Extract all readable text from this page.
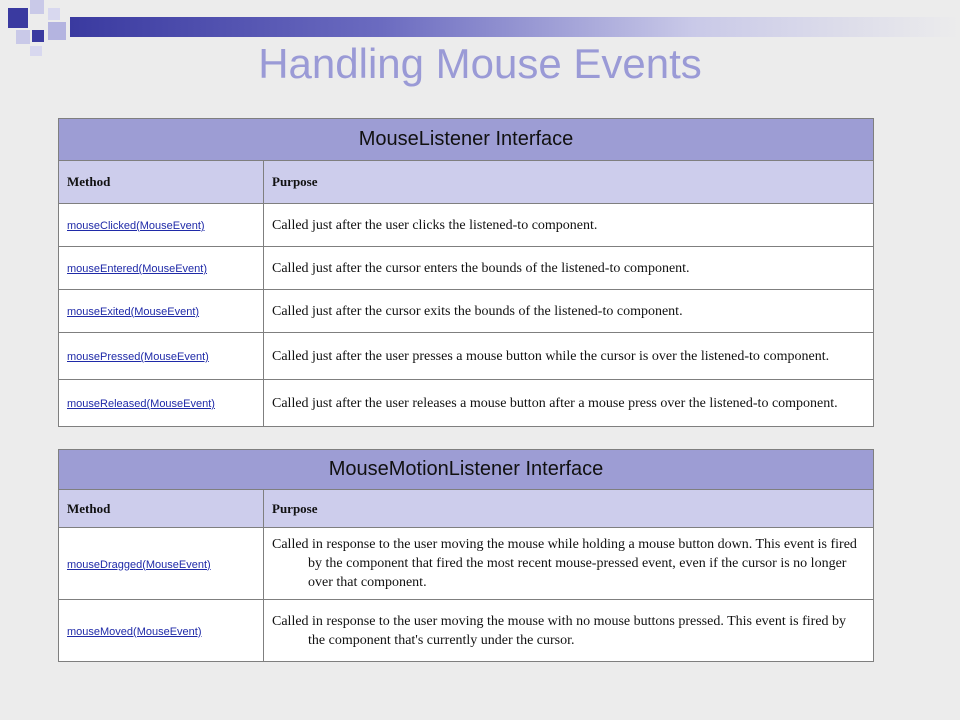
Handling Mouse Events
MouseListener Interface	
Method	Purpose
mouseClicked(MouseEvent)	Called just after the user clicks the listened-to component.

mouseEntered(MouseEvent)	Called just after the cursor enters the bounds of the listened-to component.

mouseExited(MouseEvent)	Called just after the cursor exits the bounds of the listened-to component.

mousePressed(MouseEvent)	Called just after the user presses a mouse button while the cursor is over the listened-to component.

mouseReleased(MouseEvent)	Called just after the user releases a mouse button after a mouse press over the listened-to component.
MouseMotionListener Interface	
Method	Purpose
mouseDragged(MouseEvent)	Called in response to the user moving the mouse while holding a mouse button down. This event is fired by the component that fired the most recent mouse-pressed event, even if the cursor is no longer over that component.

mouseMoved(MouseEvent)	Called in response to the user moving the mouse with no mouse buttons pressed. This event is fired by the component that's currently under the cursor.
